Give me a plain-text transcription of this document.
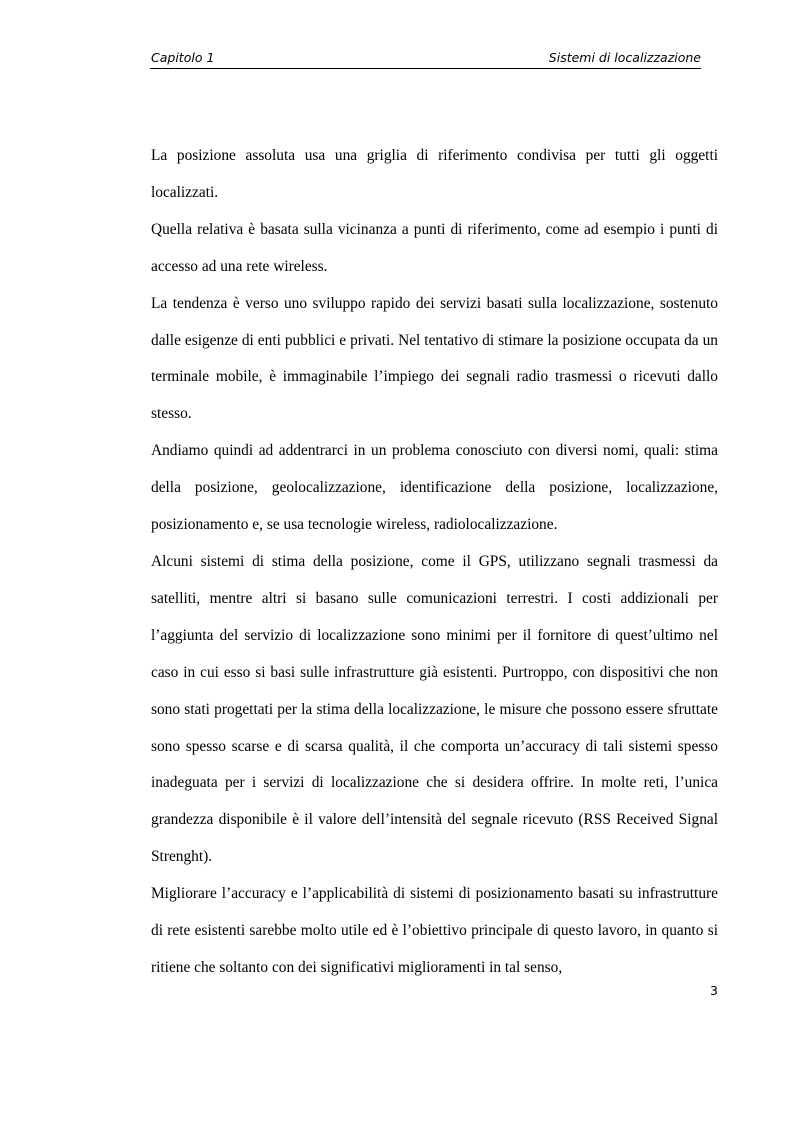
Capitolo 1	Sistemi di localizzazione

La posizione assoluta usa una griglia di riferimento condivisa per tutti gli oggetti localizzati.

Quella relativa è basata sulla vicinanza a punti di riferimento, come ad esempio i punti di accesso ad una rete wireless.

La tendenza è verso uno sviluppo rapido dei servizi basati sulla localizzazione, sostenuto dalle esigenze di enti pubblici e privati. Nel tentativo di stimare la posizione occupata da un terminale mobile, è immaginabile l’impiego dei segnali radio trasmessi o ricevuti dallo stesso.

Andiamo quindi ad addentrarci in un problema conosciuto con diversi nomi, quali: stima della posizione, geolocalizzazione, identificazione della posizione, localizzazione, posizionamento e, se usa tecnologie wireless, radiolocalizzazione.

Alcuni sistemi di stima della posizione, come il GPS, utilizzano segnali trasmessi da satelliti, mentre altri si basano sulle comunicazioni terrestri. I costi addizionali per l’aggiunta del servizio di localizzazione sono minimi per il fornitore di quest’ultimo nel caso in cui esso si basi sulle infrastrutture già esistenti. Purtroppo, con dispositivi che non sono stati progettati per la stima della localizzazione, le misure che possono essere sfruttate sono spesso scarse e di scarsa qualità, il che comporta un’accuracy di tali sistemi spesso inadeguata per i servizi di localizzazione che si desidera offrire. In molte reti, l’unica grandezza disponibile è il valore dell’intensità del segnale ricevuto (RSS Received Signal Strenght).

Migliorare l’accuracy e l’applicabilità di sistemi di posizionamento basati su infrastrutture di rete esistenti sarebbe molto utile ed è l’obiettivo principale di questo lavoro, in quanto si ritiene che soltanto con dei significativi miglioramenti in tal senso,

3
